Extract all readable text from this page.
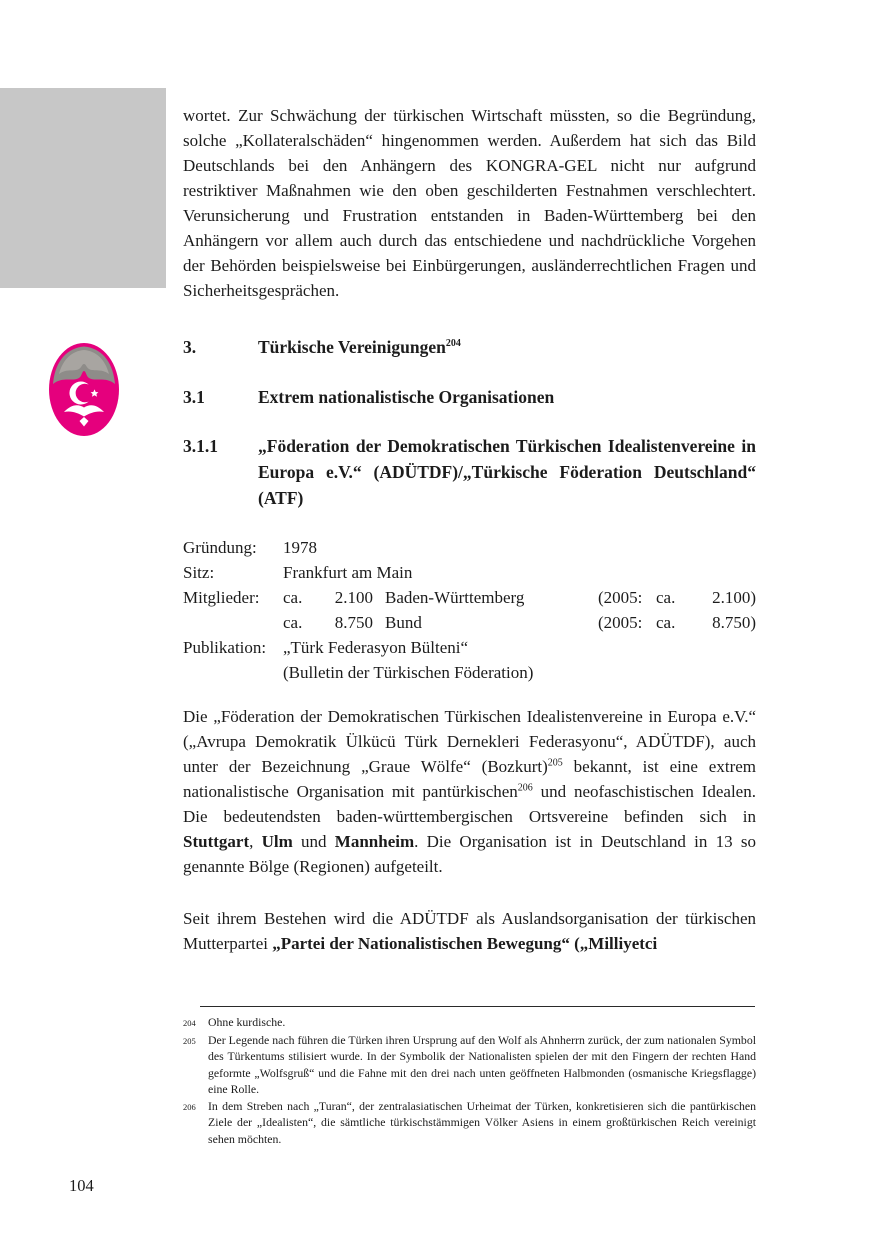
wortet. Zur Schwächung der türkischen Wirtschaft müssten, so die Begründung, solche „Kollateralschäden“ hingenommen werden. Außerdem hat sich das Bild Deutschlands bei den Anhängern des KONGRA-GEL nicht nur aufgrund restriktiver Maßnahmen wie den oben geschilderten Festnahmen verschlechtert. Verunsicherung und Frustration entstanden in Baden-Württemberg bei den Anhängern vor allem auch durch das entschiedene und nachdrückliche Vorgehen der Behörden beispielsweise bei Einbürgerungen, ausländerrechtlichen Fragen und Sicherheitsgesprächen.

3.	Türkische Vereinigungen$^{204}$
3.1	Extrem nationalistische Organisationen
3.1.1	„Föderation der Demokratischen Türkischen Idealistenvereine in Europa e.V.“ (ADÜTDF)/„Türkische Föderation Deutschland“ (ATF)
Gründung:	1978
Sitz:	Frankfurt am Main
Mitglieder:	ca.	2.100 Baden-Württemberg	(2005: ca.	2.100)
ca.	8.750 Bund	(2005: ca.	8.750)
Publikation: „Türk Federasyon Bülteni“
(Bulletin der Türkischen Föderation)

Die „Föderation der Demokratischen Türkischen Idealistenvereine in Europa e.V.“ („Avrupa Demokratik Ülkücü Türk Dernekleri Federasyonu“, ADÜTDF), auch unter der Bezeichnung „Graue Wölfe“ (Bozkurt)$^{205}$ bekannt, ist eine extrem nationalistische Organisation mit pantürkischen$^{206}$ und neofaschistischen Idealen. Die bedeutendsten baden-württembergischen Ortsvereine befinden sich in Stuttgart, Ulm und Mannheim. Die Organisation ist in Deutschland in 13 so genannte Bölge (Regionen) aufgeteilt.

Seit ihrem Bestehen wird die ADÜTDF als Auslandsorganisation der türkischen Mutterpartei „Partei der Nationalistischen Bewegung“ („Milliyetci

204	Ohne kurdische.
205	Der Legende nach führen die Türken ihren Ursprung auf den Wolf als Ahnherrn zurück, der zum nationalen Symbol des Türkentums stilisiert wurde. In der Symbolik der Nationalisten spielen der mit den Fingern der rechten Hand geformte „Wolfsgruß“ und die Fahne mit den drei nach unten geöffneten Halbmonden (osmanische Kriegsflagge) eine Rolle.
206	In dem Streben nach „Turan“, der zentralasiatischen Urheimat der Türken, konkretisieren sich die pantürkischen Ziele der „Idealisten“, die sämtliche türkischstämmigen Völker Asiens in einem großtürkischen Reich vereinigt sehen möchten.
104
